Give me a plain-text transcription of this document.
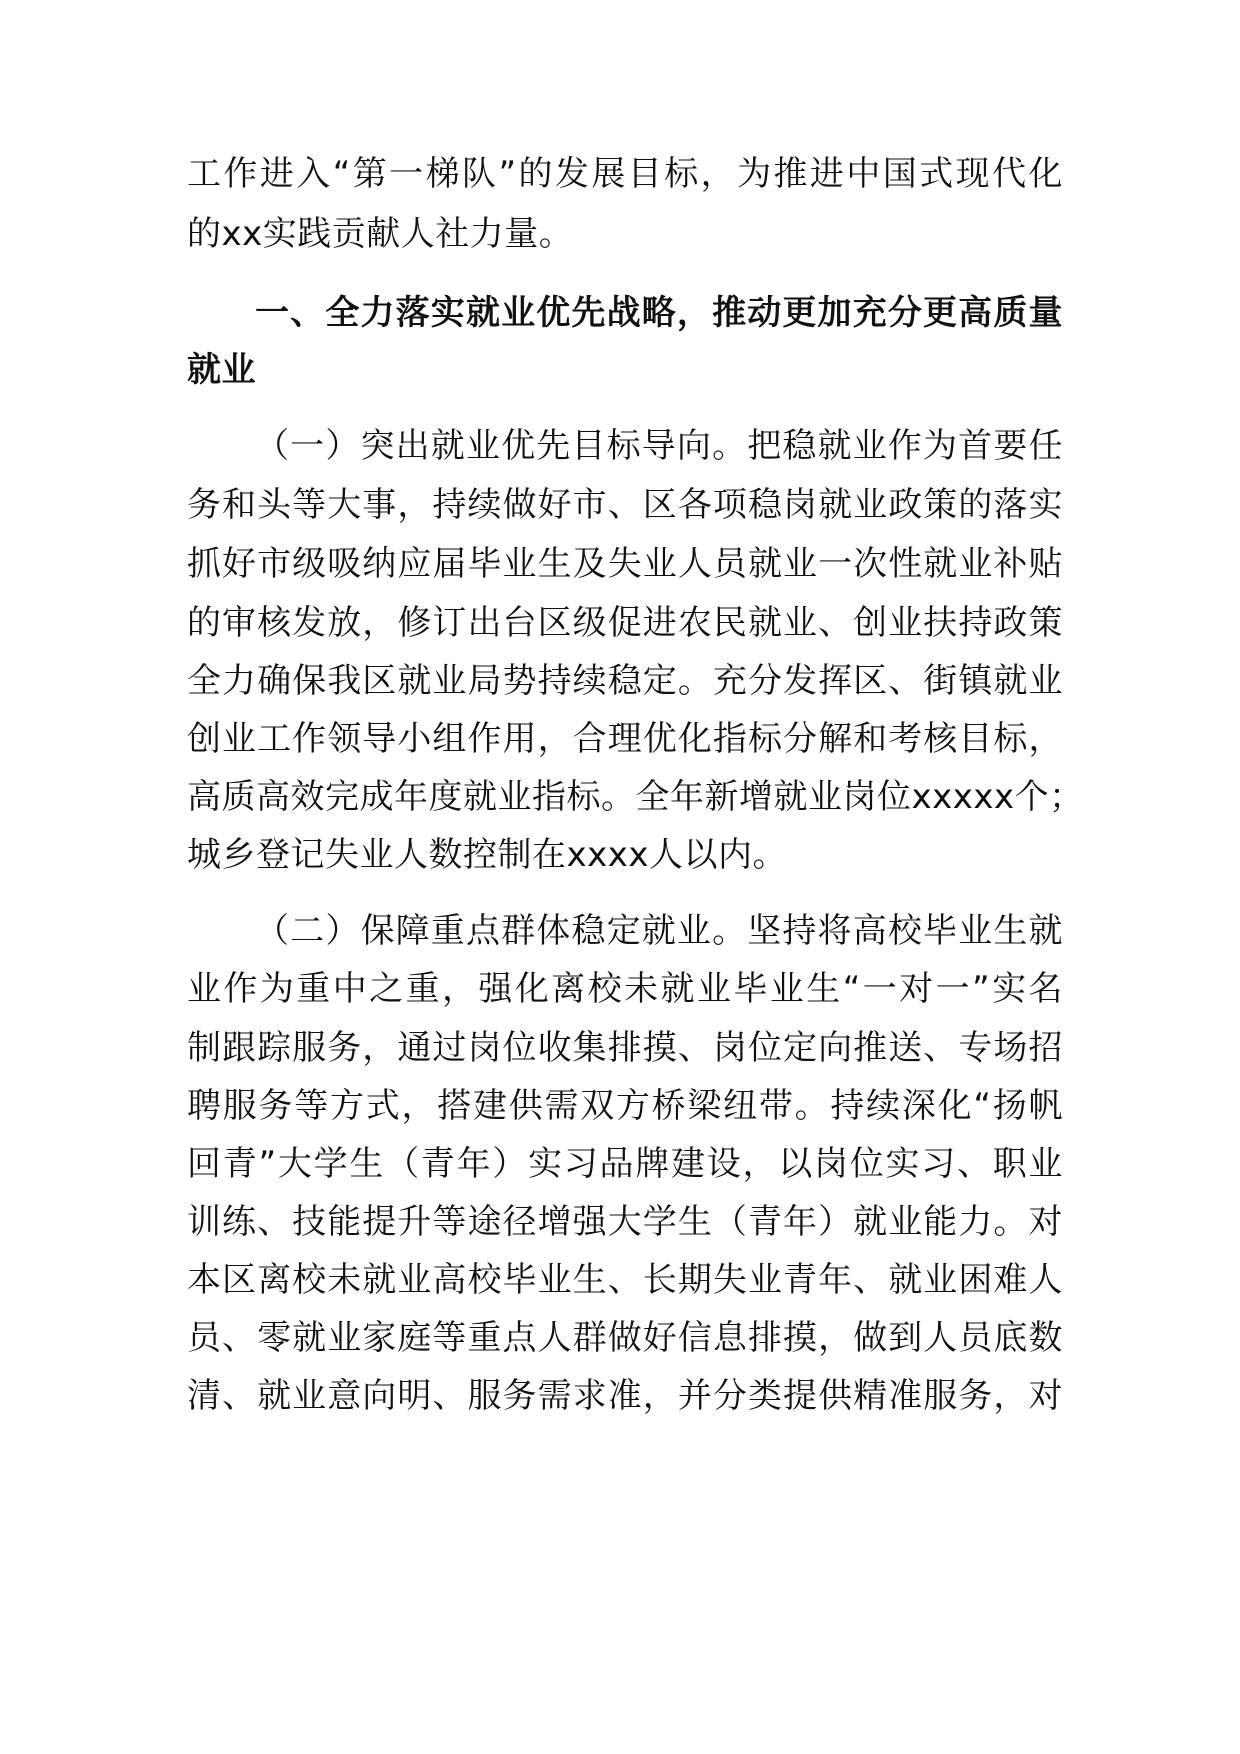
工作进入“第一梯队”的发展目标，为推进中国式现代化
的xx实践贡献人社力量。
一、全力落实就业优先战略，推动更加充分更高质量
就业
（一）突出就业优先目标导向。把稳就业作为首要任
务和头等大事，持续做好市、区各项稳岗就业政策的落实
抓好市级吸纳应届毕业生及失业人员就业一次性就业补贴
的审核发放，修订出台区级促进农民就业、创业扶持政策
全力确保我区就业局势持续稳定。充分发挥区、街镇就业
创业工作领导小组作用，合理优化指标分解和考核目标，
高质高效完成年度就业指标。全年新增就业岗位xxxxx个；
城乡登记失业人数控制在xxxx人以内。
（二）保障重点群体稳定就业。坚持将高校毕业生就
业作为重中之重，强化离校未就业毕业生“一对一”实名
制跟踪服务，通过岗位收集排摸、岗位定向推送、专场招
聘服务等方式，搭建供需双方桥梁纽带。持续深化“扬帆
回青”大学生（青年）实习品牌建设，以岗位实习、职业
训练、技能提升等途径增强大学生（青年）就业能力。对
本区离校未就业高校毕业生、长期失业青年、就业困难人
员、零就业家庭等重点人群做好信息排摸，做到人员底数
清、就业意向明、服务需求准，并分类提供精准服务，对
